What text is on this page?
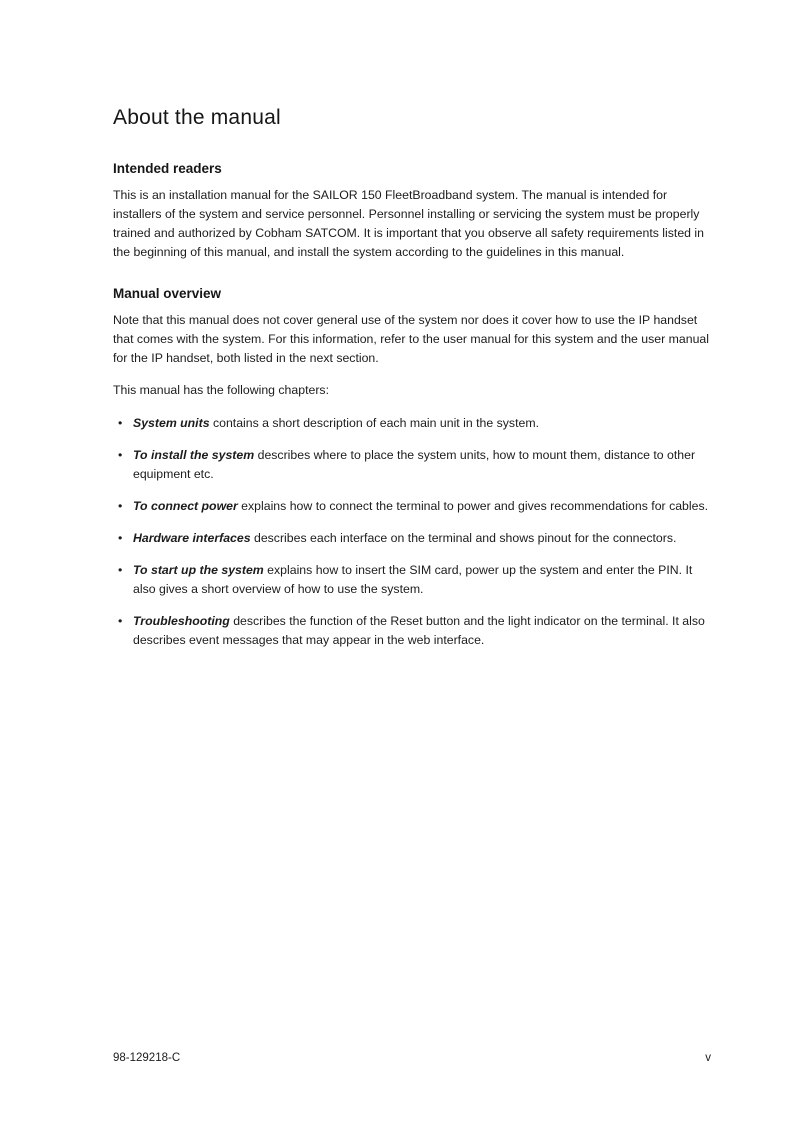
About the manual
Intended readers

This is an installation manual for the SAILOR 150 FleetBroadband system. The manual is intended for installers of the system and service personnel. Personnel installing or servicing the system must be properly trained and authorized by Cobham SATCOM. It is important that you observe all safety requirements listed in the beginning of this manual, and install the system according to the guidelines in this manual.

Manual overview

Note that this manual does not cover general use of the system nor does it cover how to use the IP handset that comes with the system. For this information, refer to the user manual for this system and the user manual for the IP handset, both listed in the next section.

This manual has the following chapters:

• System units contains a short description of each main unit in the system.
• To install the system describes where to place the system units, how to mount them, distance to other equipment etc.
• To connect power explains how to connect the terminal to power and gives recommendations for cables.
• Hardware interfaces describes each interface on the terminal and shows pinout for the connectors.
• To start up the system explains how to insert the SIM card, power up the system and enter the PIN. It also gives a short overview of how to use the system.
• Troubleshooting describes the function of the Reset button and the light indicator on the terminal. It also describes event messages that may appear in the web interface.
98-129218-C	v
